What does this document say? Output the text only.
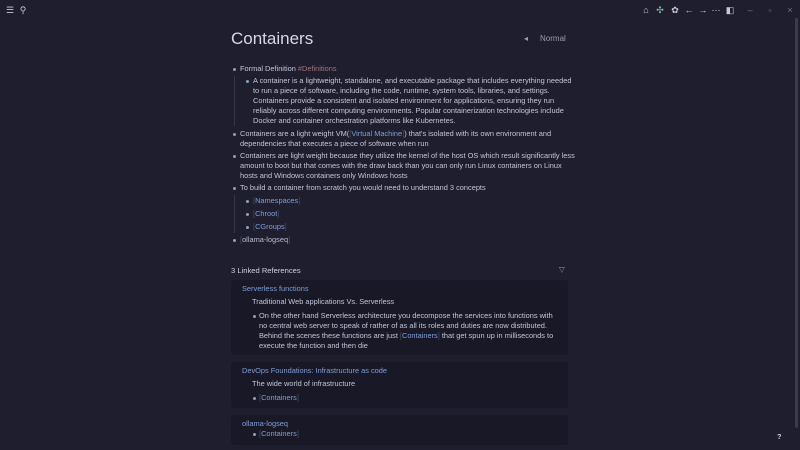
☰ ⚲	⌂ ✣ ✿ ← → ⋯ ◧	–	▫	×
Containers	◂ Normal
Formal Definition #Definitions
A container is a lightweight, standalone, and executable package that includes everything needed
to run a piece of software, including the code, runtime, system tools, libraries, and settings.
Containers provide a consistent and isolated environment for applications, ensuring they run
reliably across different computing environments. Popular containerization technologies include
Docker and container orchestration platforms like Kubernetes.
Containers are a light weight VM([Virtual Machine]) that's isolated with its own environment and
dependencies that executes a piece of software when run
Containers are light weight because they utilize the kernel of the host OS which result significantly less
amount to boot but that comes with the draw back than you can only run Linux containers on Linux
hosts and Windows containers only Windows hosts
To build a container from scratch you would need to understand 3 concepts
[Namespaces]
[Chroot]
[CGroups]
[ollama-logseq]
3 Linked References	▽
Serverless functions
Traditional Web applications Vs. Serverless
On the other hand Serverless architecture you decompose the services into functions with
no central web server to speak of rather of as all its roles and duties are now distributed.
Behind the scenes these functions are just [Containers] that get spun up in milliseconds to
execute the function and then die
DevOps Foundations: Infrastructure as code
The wide world of infrastructure
[Containers]
ollama-logseq
[Containers]	?
